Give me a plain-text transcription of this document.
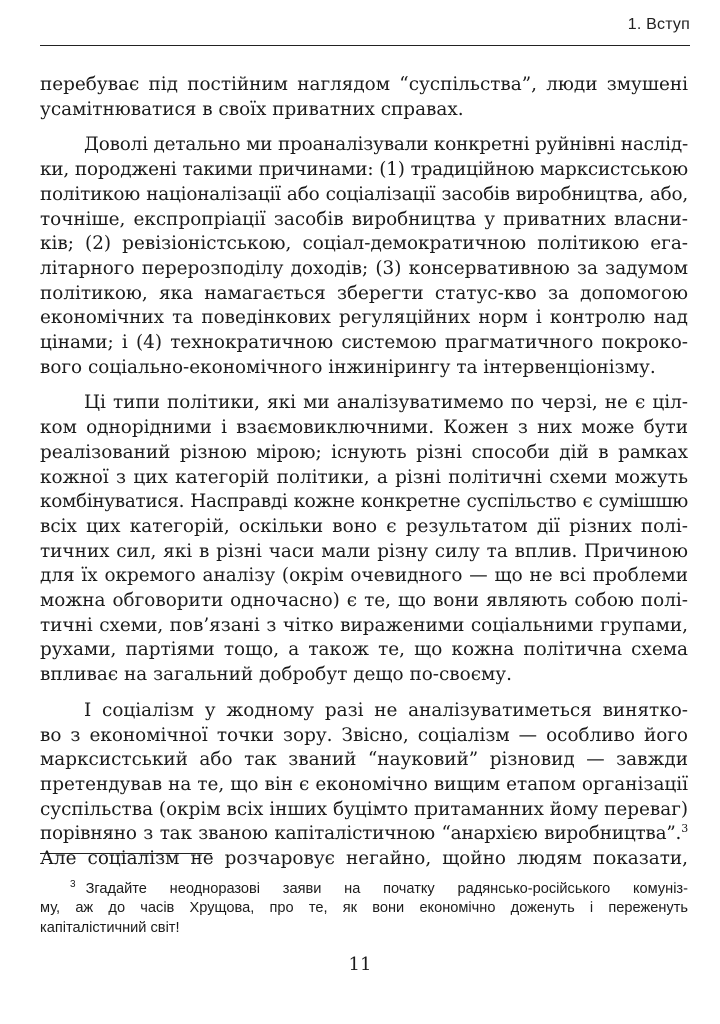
1. Вступ
перебуває під постійним наглядом “суспільства”, люди змушені
усамітнюватися в своїх приватних справах.
Доволі детально ми проаналізували конкретні руйнівні наслід-
ки, породжені такими причинами: (1) традиційною марксистською
політикою націоналізації або соціалізації засобів виробництва, або,
точніше, експропріації засобів виробництва у приватних власни-
ків; (2) ревізіоністською, соціал-демократичною політикою ега-
літарного перерозподілу доходів; (3) консервативною за задумом
політикою, яка намагається зберегти статус-кво за допомогою
економічних та поведінкових регуляційних норм і контролю над
цінами; і (4) технократичною системою прагматичного покроко-
вого соціально-економічного інжинірингу та інтервенціонізму.
Ці типи політики, які ми аналізуватимемо по черзі, не є ціл-
ком однорідними і взаємовиключними. Кожен з них може бути
реалізований різною мірою; існують різні способи дій в рамках
кожної з цих категорій політики, а різні політичні схеми можуть
комбінуватися. Насправді кожне конкретне суспільство є сумішшю
всіх цих категорій, оскільки воно є результатом дії різних полі-
тичних сил, які в різні часи мали різну силу та вплив. Причиною
для їх окремого аналізу (окрім очевидного — що не всі проблеми
можна обговорити одночасно) є те, що вони являють собою полі-
тичні схеми, пов’язані з чітко вираженими соціальними групами,
рухами, партіями тощо, а також те, що кожна політична схема
впливає на загальний добробут дещо по-своєму.
І соціалізм у жодному разі не аналізуватиметься винятко-
во з економічної точки зору. Звісно, соціалізм — особливо його
марксистський або так званий “науковий” різновид — завжди
претендував на те, що він є економічно вищим етапом організації
суспільства (окрім всіх інших буцімто притаманних йому переваг)
порівняно з так званою капіталістичною “анархією виробництва”.$^3$
Але соціалізм не розчаровує негайно, щойно людям показати,
$^3$ Згадайте неодноразові заяви на початку радянсько-російського комуніз-
му, аж до часів Хрущова, про те, як вони економічно доженуть і переженуть
капіталістичний світ!
11
